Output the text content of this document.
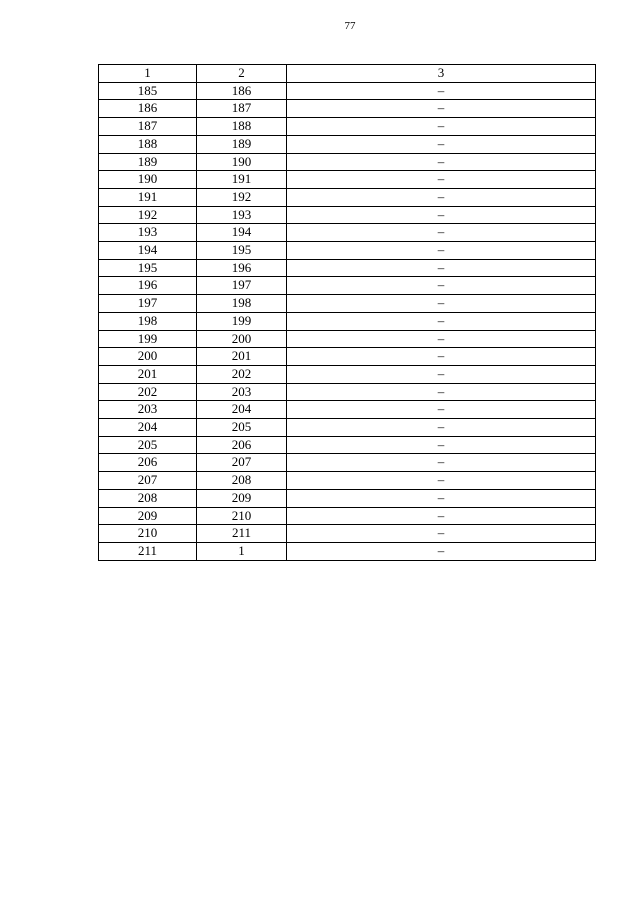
77
1	2	3
185	186	–
186	187	–
187	188	–
188	189	–
189	190	–
190	191	–
191	192	–
192	193	–
193	194	–
194	195	–
195	196	–
196	197	–
197	198	–
198	199	–
199	200	–
200	201	–
201	202	–
202	203	–
203	204	–
204	205	–
205	206	–
206	207	–
207	208	–
208	209	–
209	210	–
210	211	–
211	1	–
